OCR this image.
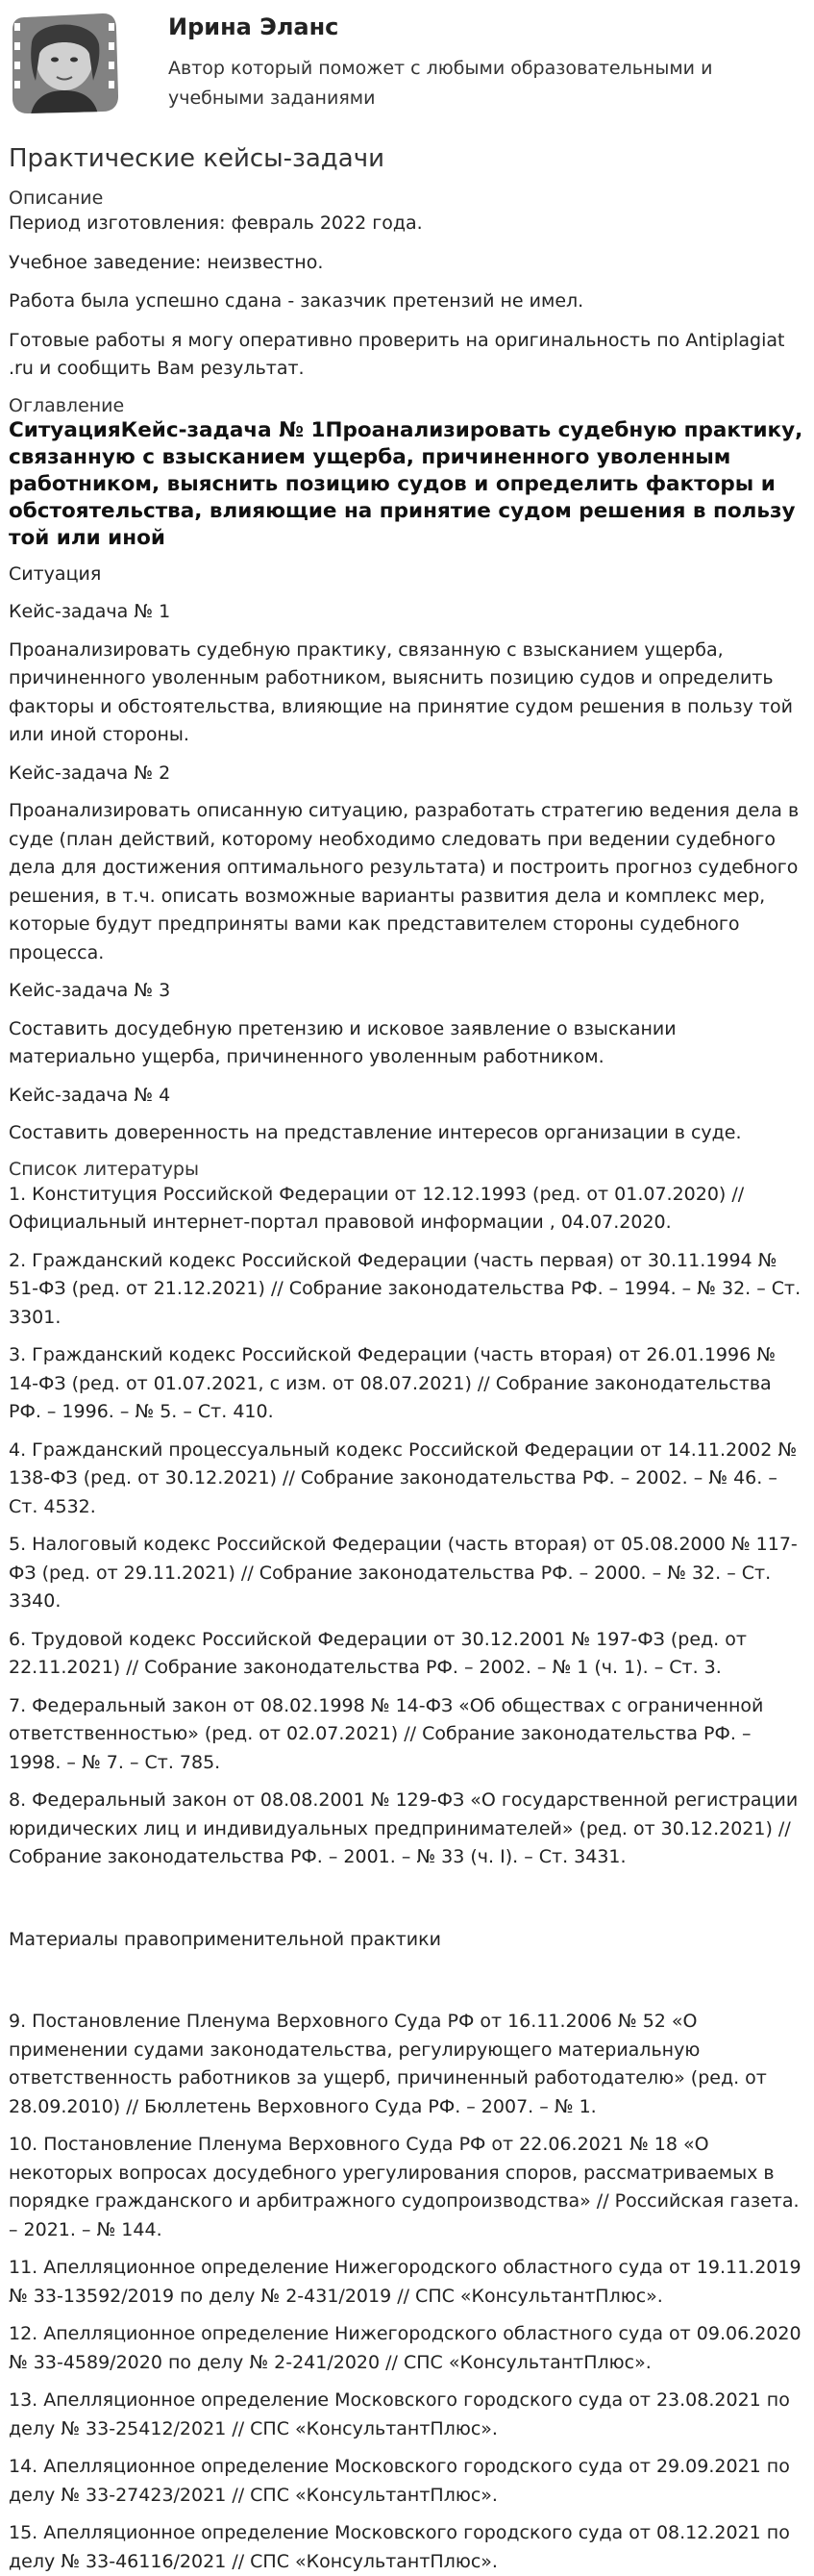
Ирина Эланс
Автор который поможет с любыми образовательными и учебными заданиями
Практические кейсы-задачи
Описание

Период изготовления: февраль 2022 года.

Учебное заведение: неизвестно.

Работа была успешно сдана - заказчик претензий не имел.

Готовые работы я могу оперативно проверить на оригинальность по Antiplagiat .ru и сообщить Вам результат.

Оглавление
СитуацияКейс-задача № 1Проанализировать судебную практику, связанную с взысканием ущерба, причиненного уволенным работником, выяснить позицию судов и определить факторы и обстоятельства, влияющие на принятие судом решения в пользу той или иной

Ситуация

Кейс-задача № 1

Проанализировать судебную практику, связанную с взысканием ущерба, причиненного уволенным работником, выяснить позицию судов и определить факторы и обстоятельства, влияющие на принятие судом решения в пользу той или иной стороны.

Кейс-задача № 2

Проанализировать описанную ситуацию, разработать стратегию ведения дела в суде (план действий, которому необходимо следовать при ведении судебного дела для достижения оптимального результата) и построить прогноз судебного решения, в т.ч. описать возможные варианты развития дела и комплекс мер, которые будут предприняты вами как представителем стороны судебного процесса.

Кейс-задача № 3

Составить досудебную претензию и исковое заявление о взыскании материально ущерба, причиненного уволенным работником.

Кейс-задача № 4

Составить доверенность на представление интересов организации в суде.

Список литературы

1. Конституция Российской Федерации от 12.12.1993 (ред. от 01.07.2020) // Официальный интернет-портал правовой информации , 04.07.2020.

2. Гражданский кодекс Российской Федерации (часть первая) от 30.11.1994 № 51-ФЗ (ред. от 21.12.2021) // Собрание законодательства РФ. – 1994. – № 32. – Ст. 3301.

3. Гражданский кодекс Российской Федерации (часть вторая) от 26.01.1996 № 14-ФЗ (ред. от 01.07.2021, с изм. от 08.07.2021) // Собрание законодательства РФ. – 1996. – № 5. – Ст. 410.

4. Гражданский процессуальный кодекс Российской Федерации от 14.11.2002 № 138-ФЗ (ред. от 30.12.2021) // Собрание законодательства РФ. – 2002. – № 46. – Ст. 4532.

5. Налоговый кодекс Российской Федерации (часть вторая) от 05.08.2000 № 117-ФЗ (ред. от 29.11.2021) // Собрание законодательства РФ. – 2000. – № 32. – Ст. 3340.

6. Трудовой кодекс Российской Федерации от 30.12.2001 № 197-ФЗ (ред. от 22.11.2021) // Собрание законодательства РФ. – 2002. – № 1 (ч. 1). – Ст. 3.

7. Федеральный закон от 08.02.1998 № 14-ФЗ «Об обществах с ограниченной ответственностью» (ред. от 02.07.2021) // Собрание законодательства РФ. – 1998. – № 7. – Ст. 785.

8. Федеральный закон от 08.08.2001 № 129-ФЗ «О государственной регистрации юридических лиц и индивидуальных предпринимателей» (ред. от 30.12.2021) // Собрание законодательства РФ. – 2001. – № 33 (ч. I). – Ст. 3431.

Материалы правоприменительной практики

9. Постановление Пленума Верховного Суда РФ от 16.11.2006 № 52 «О применении судами законодательства, регулирующего материальную ответственность работников за ущерб, причиненный работодателю» (ред. от 28.09.2010) // Бюллетень Верховного Суда РФ. – 2007. – № 1.

10. Постановление Пленума Верховного Суда РФ от 22.06.2021 № 18 «О некоторых вопросах досудебного урегулирования споров, рассматриваемых в порядке гражданского и арбитражного судопроизводства» // Российская газета. – 2021. – № 144.

11. Апелляционное определение Нижегородского областного суда от 19.11.2019 № 33-13592/2019 по делу № 2-431/2019 // СПС «КонсультантПлюс».

12. Апелляционное определение Нижегородского областного суда от 09.06.2020 № 33-4589/2020 по делу № 2-241/2020 // СПС «КонсультантПлюс».

13. Апелляционное определение Московского городского суда от 23.08.2021 по делу № 33-25412/2021 // СПС «КонсультантПлюс».

14. Апелляционное определение Московского городского суда от 29.09.2021 по делу № 33-27423/2021 // СПС «КонсультантПлюс».

15. Апелляционное определение Московского городского суда от 08.12.2021 по делу № 33-46116/2021 // СПС «КонсультантПлюс».
